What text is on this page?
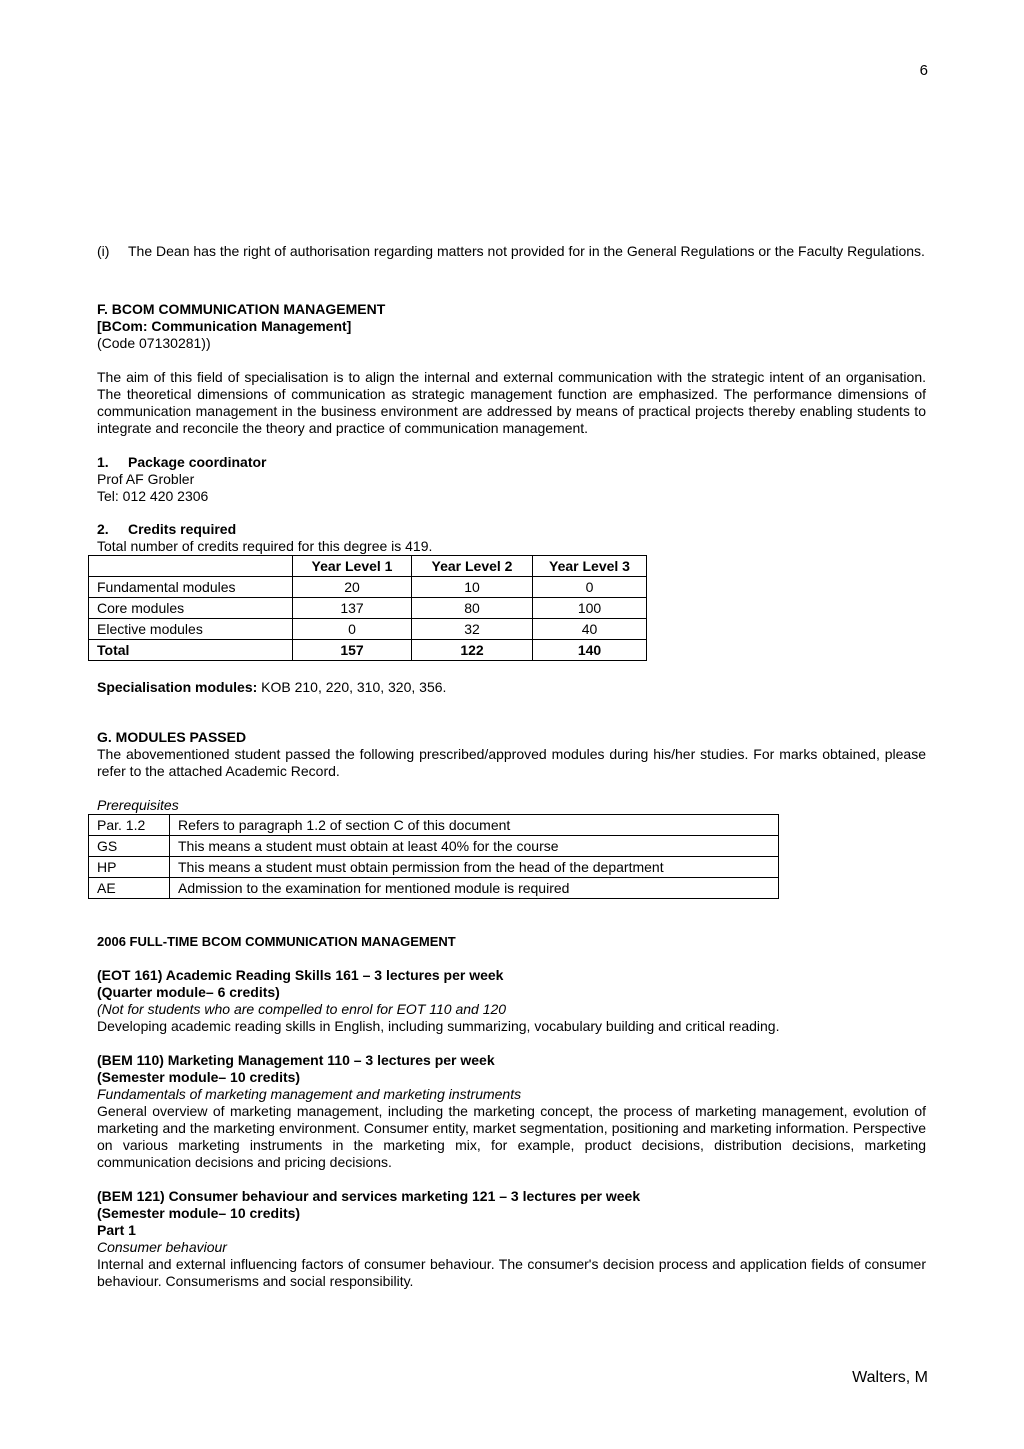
6
(i)	The Dean has the right of authorisation regarding matters not provided for in the General Regulations or the Faculty Regulations.

F. BCOM COMMUNICATION MANAGEMENT

[BCom: Communication Management]

(Code 07130281))

The aim of this field of specialisation is to align the internal and external communication with the strategic intent of an organisation. The theoretical dimensions of communication as strategic management function are emphasized. The performance dimensions of communication management in the business environment are addressed by means of practical projects thereby enabling students to integrate and reconcile the theory and practice of communication management.

1. Package coordinator

Prof AF Grobler

Tel: 012 420 2306

2. Credits required

Total number of credits required for this degree is 419.

	Year Level 1	Year Level 2	Year Level 3
Fundamental modules	20	10	0
Core modules	137	80	100
Elective modules	0	32	40
Total	157	122	140

Specialisation modules: KOB 210, 220, 310, 320, 356.

G. MODULES PASSED

The abovementioned student passed the following prescribed/approved modules during his/her studies. For marks obtained, please refer to the attached Academic Record.

Prerequisites

Par. 1.2	Refers to paragraph 1.2 of section C of this document
GS	This means a student must obtain at least 40% for the course
HP	This means a student must obtain permission from the head of the department
AE	Admission to the examination for mentioned module is required

2006 FULL-TIME BCOM COMMUNICATION MANAGEMENT

(EOT 161) Academic Reading Skills 161 – 3 lectures per week

(Quarter module– 6 credits)

(Not for students who are compelled to enrol for EOT 110 and 120

Developing academic reading skills in English, including summarizing, vocabulary building and critical reading.

(BEM 110) Marketing Management 110 – 3 lectures per week

(Semester module– 10 credits)

Fundamentals of marketing management and marketing instruments

General overview of marketing management, including the marketing concept, the process of marketing management, evolution of marketing and the marketing environment. Consumer entity, market segmentation, positioning and marketing information. Perspective on various marketing instruments in the marketing mix, for example, product decisions, distribution decisions, marketing communication decisions and pricing decisions.

(BEM 121) Consumer behaviour and services marketing 121 – 3 lectures per week

(Semester module– 10 credits)

Part 1

Consumer behaviour

Internal and external influencing factors of consumer behaviour. The consumer's decision process and application fields of consumer behaviour. Consumerisms and social responsibility.

Walters, M
